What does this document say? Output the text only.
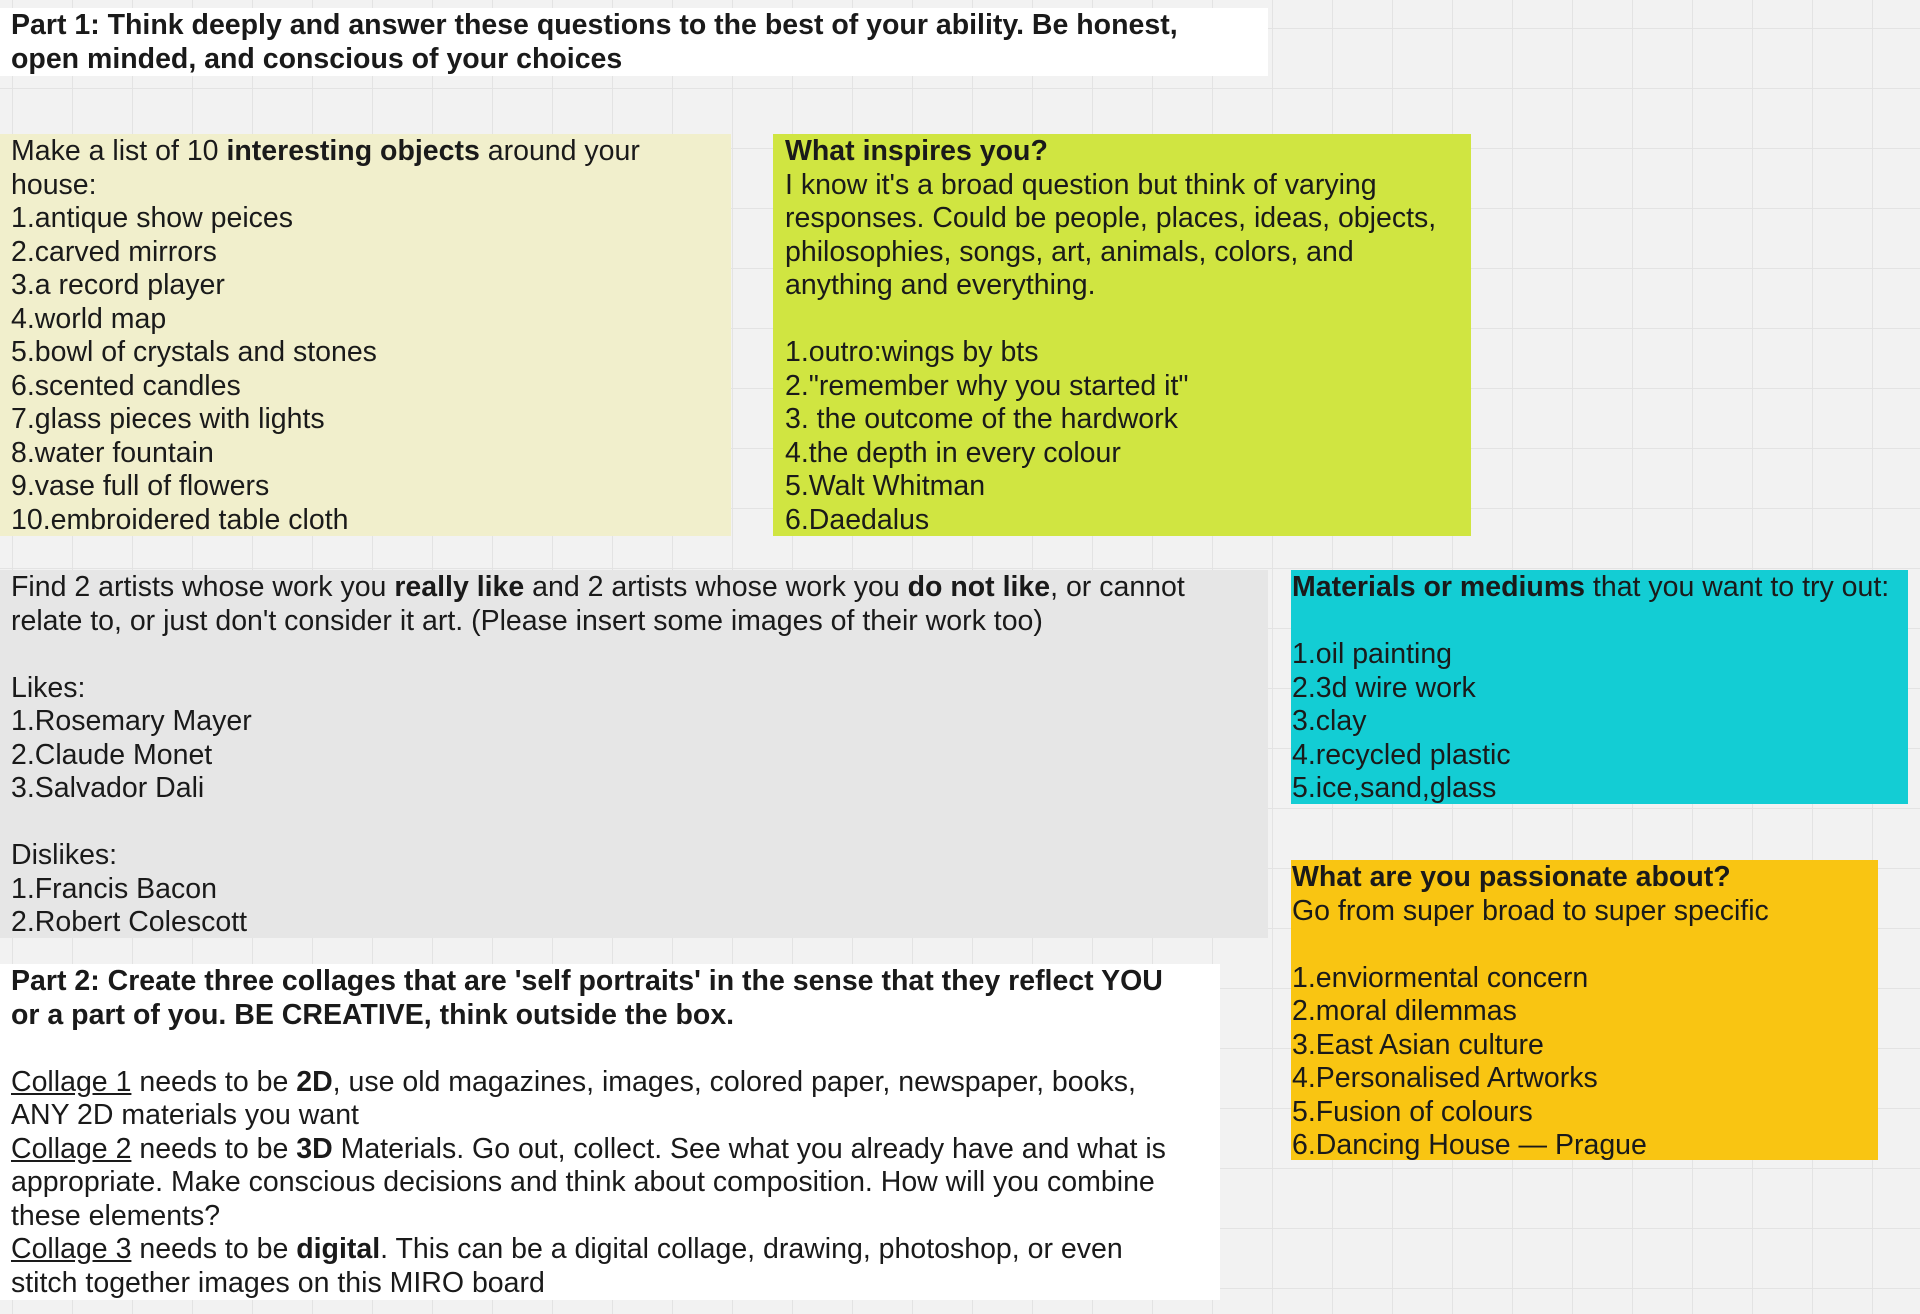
Part 1: Think deeply and answer these questions to the best of your ability. Be honest,

open minded, and conscious of your choices

Make a list of 10 interesting objects around your

house:

1.antique show peices

2.carved mirrors

3.a record player

4.world map

5.bowl of crystals and stones

6.scented candles

7.glass pieces with lights

8.water fountain

9.vase full of flowers

10.embroidered table cloth

What inspires you?

I know it's a broad question but think of varying

responses. Could be people, places, ideas, objects,

philosophies, songs, art, animals, colors, and

anything and everything.

1.outro:wings by bts

2."remember why you started it"

3. the outcome of the hardwork

4.the depth in every colour

5.Walt Whitman

6.Daedalus

Find 2 artists whose work you really like and 2 artists whose work you do not like, or cannot

relate to, or just don't consider it art. (Please insert some images of their work too)

Likes:

1.Rosemary Mayer

2.Claude Monet

3.Salvador Dali

Dislikes:

1.Francis Bacon

2.Robert Colescott

Materials or mediums that you want to try out:

1.oil painting

2.3d wire work

3.clay

4.recycled plastic

5.ice,sand,glass

What are you passionate about?

Go from super broad to super specific

1.enviormental concern

2.moral dilemmas

3.East Asian culture

4.Personalised Artworks

5.Fusion of colours

6.Dancing House — Prague

Part 2: Create three collages that are 'self portraits' in the sense that they reflect YOU

or a part of you. BE CREATIVE, think outside the box.

Collage 1 needs to be 2D, use old magazines, images, colored paper, newspaper, books,

ANY 2D materials you want

Collage 2 needs to be 3D Materials. Go out, collect. See what you already have and what is

appropriate. Make conscious decisions and think about composition. How will you combine

these elements?

Collage 3 needs to be digital. This can be a digital collage, drawing, photoshop, or even

stitch together images on this MIRO board
